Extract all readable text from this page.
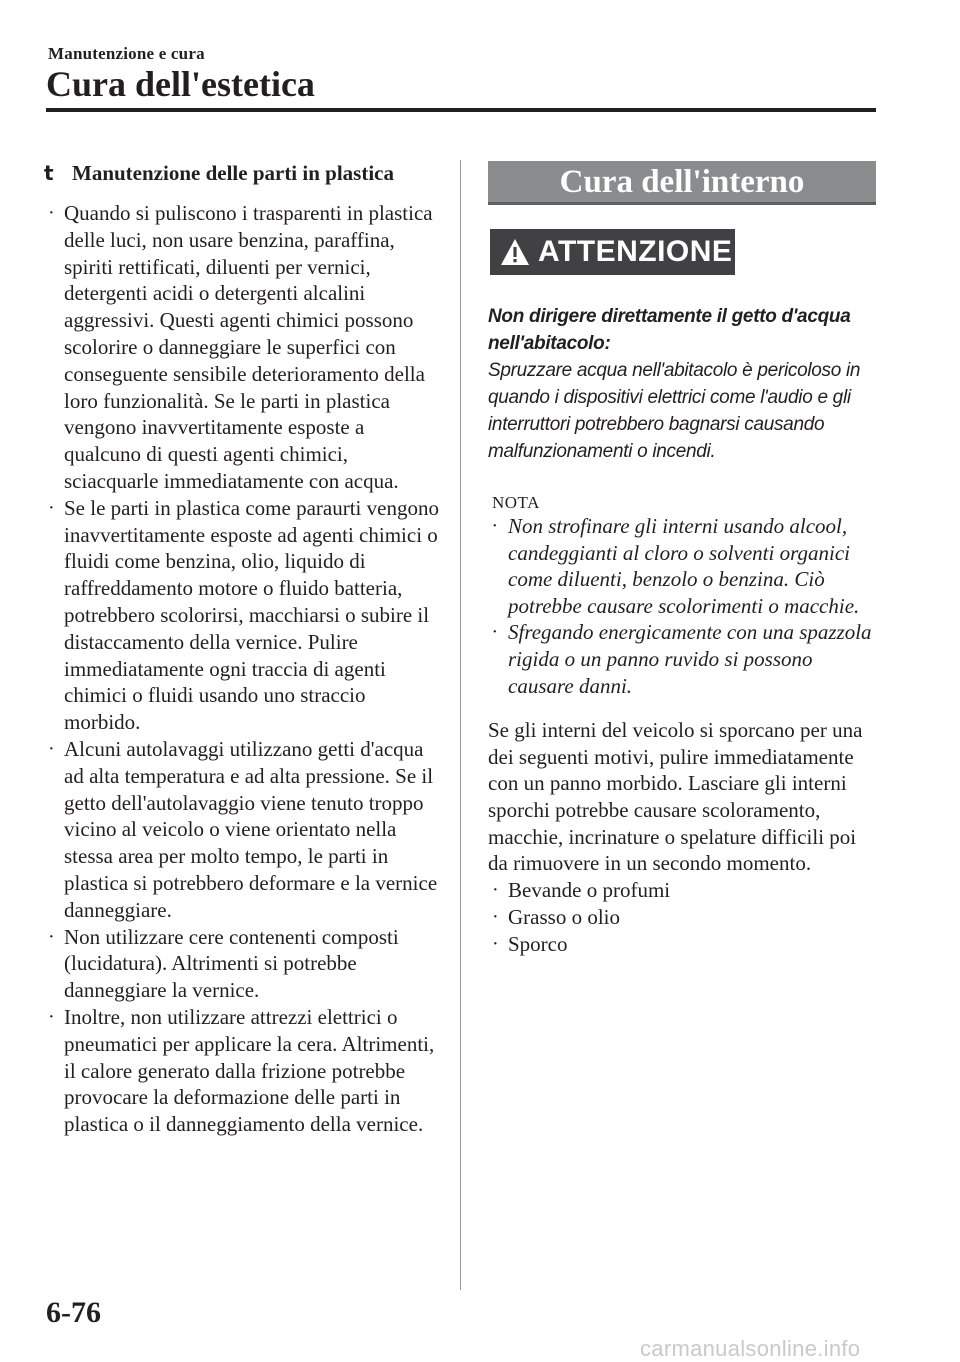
Manutenzione e cura
Cura dell'estetica
t Manutenzione delle parti in plastica
· Quando si puliscono i trasparenti in plastica delle luci, non usare benzina, paraffina, spiriti rettificati, diluenti per vernici, detergenti acidi o detergenti alcalini aggressivi. Questi agenti chimici possono scolorire o danneggiare le superfici con conseguente sensibile deterioramento della loro funzionalità. Se le parti in plastica vengono inavvertitamente esposte a qualcuno di questi agenti chimici, sciacquarle immediatamente con acqua.
· Se le parti in plastica come paraurti vengono inavvertitamente esposte ad agenti chimici o fluidi come benzina, olio, liquido di raffreddamento motore o fluido batteria, potrebbero scolorirsi, macchiarsi o subire il distaccamento della vernice. Pulire immediatamente ogni traccia di agenti chimici o fluidi usando uno straccio morbido.
· Alcuni autolavaggi utilizzano getti d'acqua ad alta temperatura e ad alta pressione. Se il getto dell'autolavaggio viene tenuto troppo vicino al veicolo o viene orientato nella stessa area per molto tempo, le parti in plastica si potrebbero deformare e la vernice danneggiare.
· Non utilizzare cere contenenti composti (lucidatura). Altrimenti si potrebbe danneggiare la vernice.
· Inoltre, non utilizzare attrezzi elettrici o pneumatici per applicare la cera. Altrimenti, il calore generato dalla frizione potrebbe provocare la deformazione delle parti in plastica o il danneggiamento della vernice.
Cura dell'interno
ATTENZIONE
Non dirigere direttamente il getto d'acqua nell'abitacolo:
Spruzzare acqua nell'abitacolo è pericoloso in quando i dispositivi elettrici come l'audio e gli interruttori potrebbero bagnarsi causando malfunzionamenti o incendi.
NOTA
· Non strofinare gli interni usando alcool, candeggianti al cloro o solventi organici come diluenti, benzolo o benzina. Ciò potrebbe causare scolorimenti o macchie.
· Sfregando energicamente con una spazzola rigida o un panno ruvido si possono causare danni.
Se gli interni del veicolo si sporcano per una dei seguenti motivi, pulire immediatamente con un panno morbido. Lasciare gli interni sporchi potrebbe causare scoloramento, macchie, incrinature o spelature difficili poi da rimuovere in un secondo momento.
· Bevande o profumi
· Grasso o olio
· Sporco
6-76
carmanualsonline.info
